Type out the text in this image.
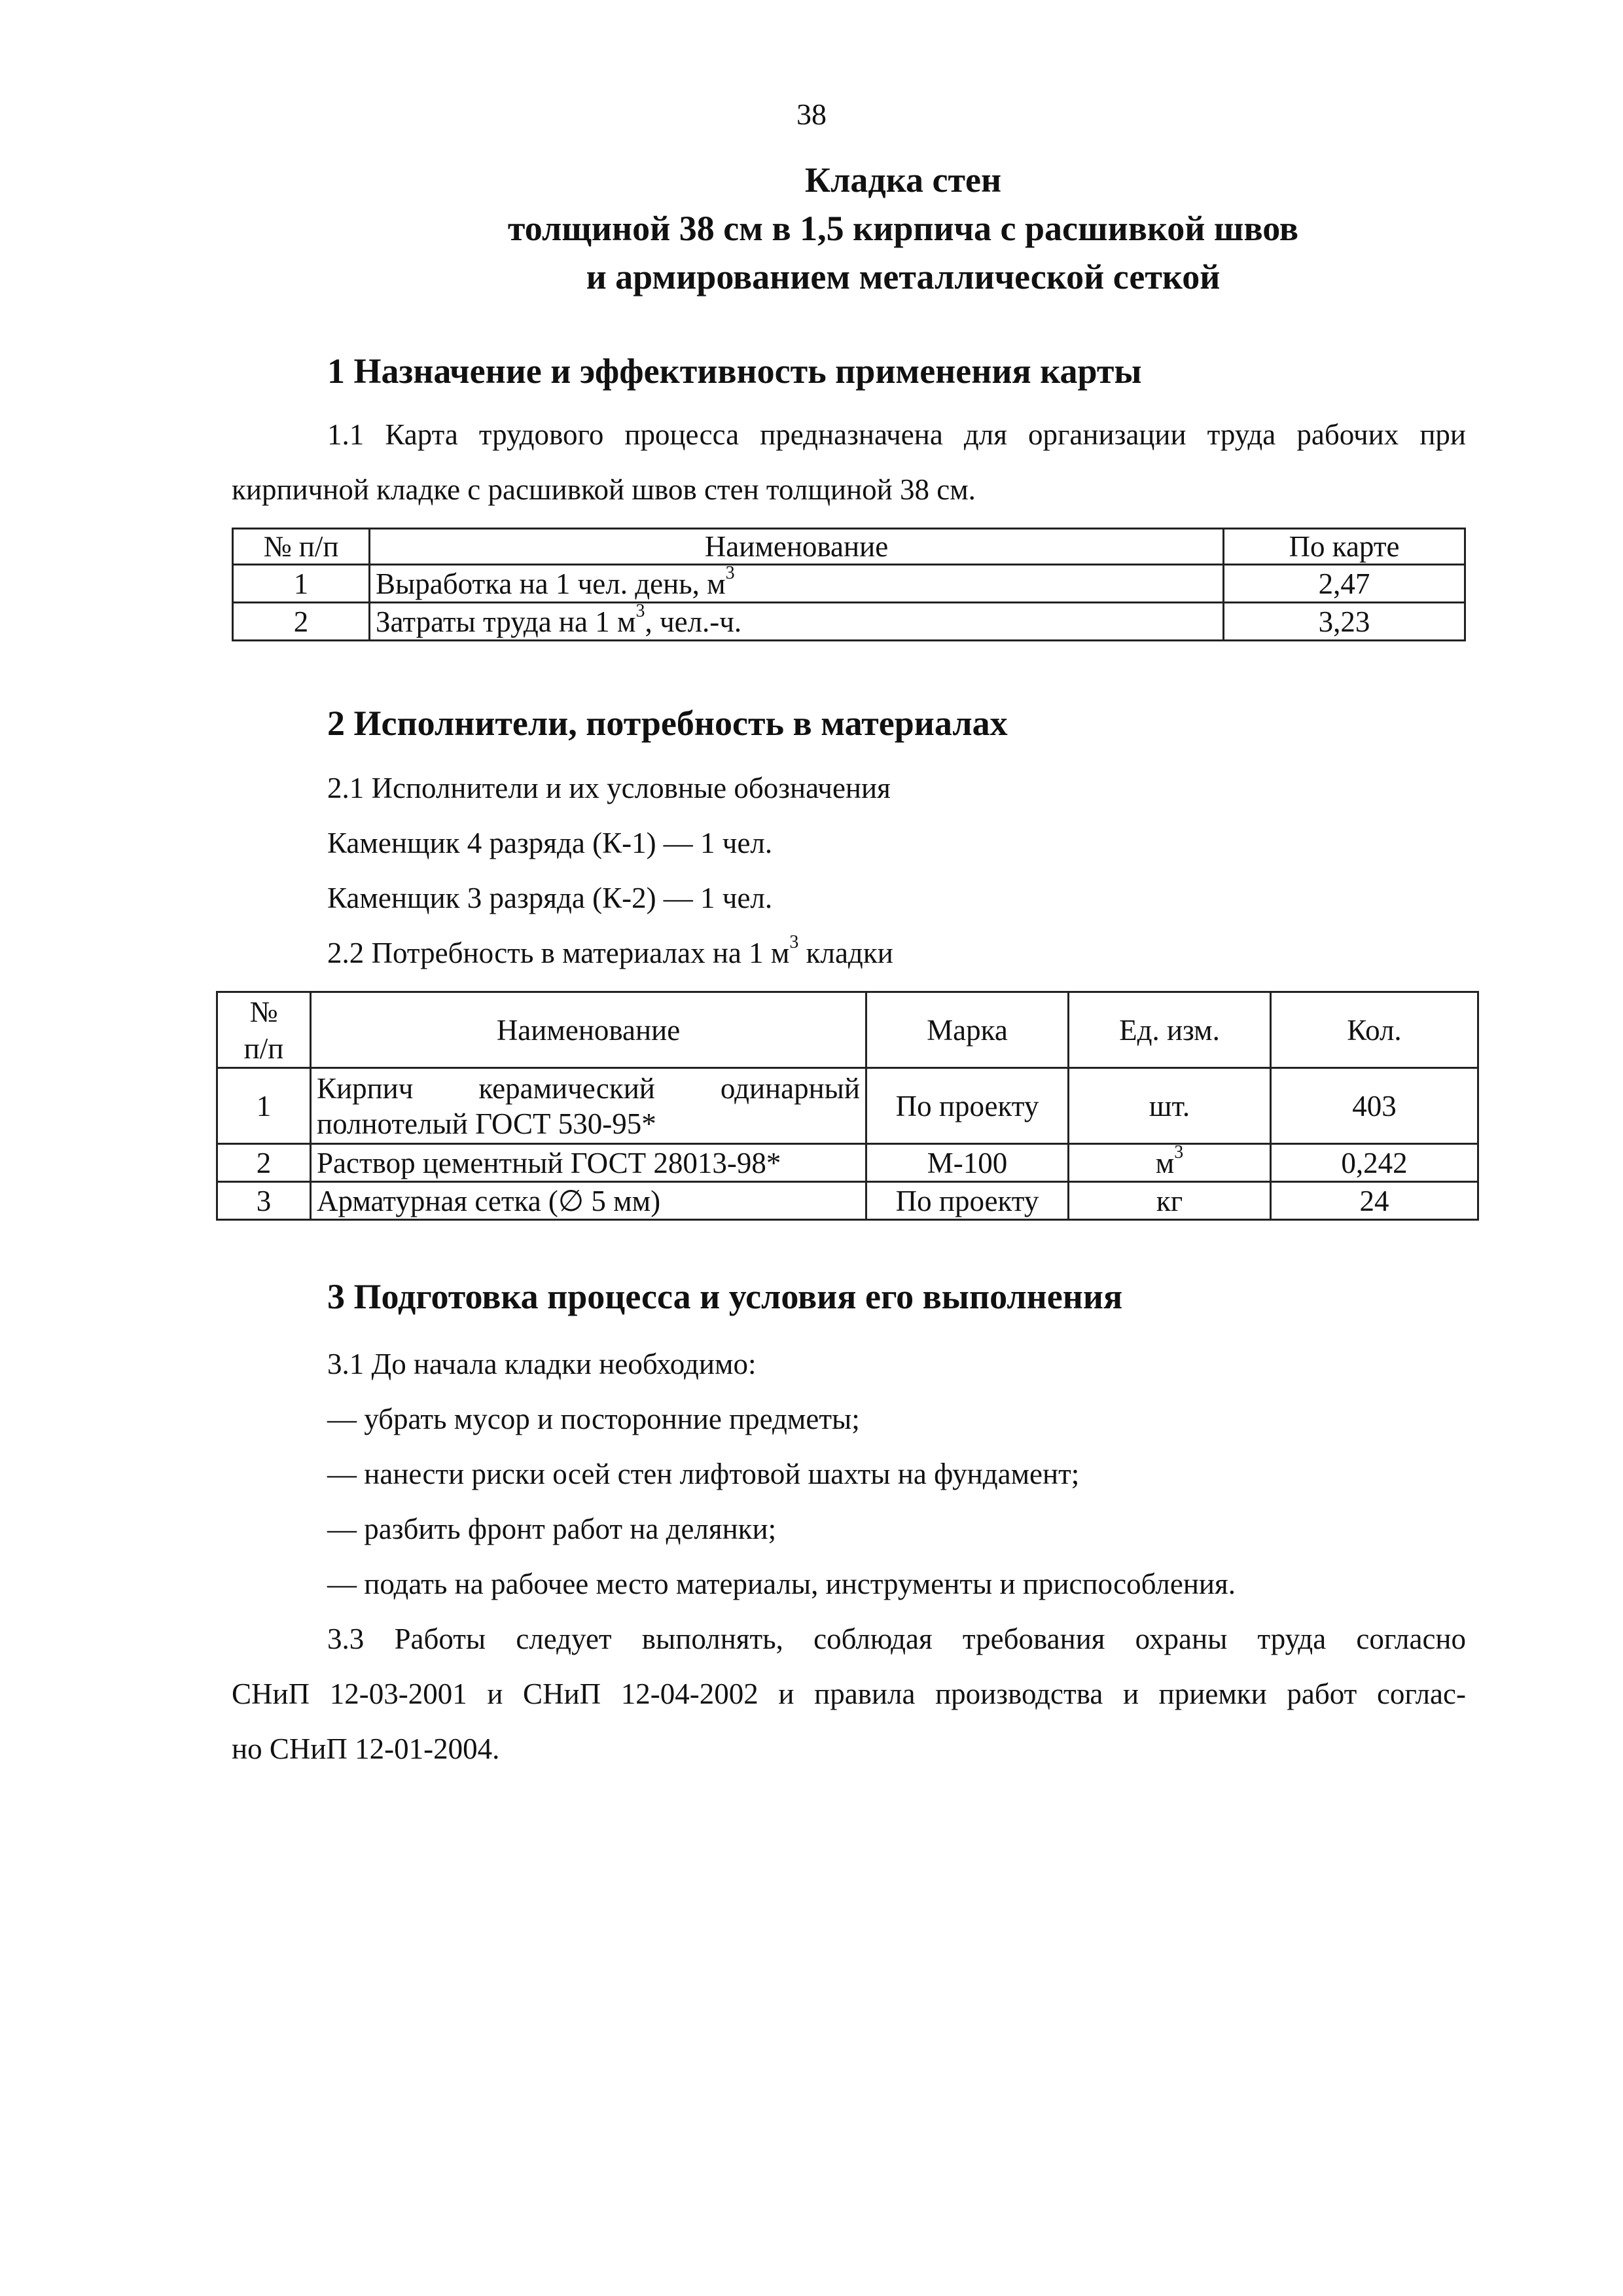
38
Кладка стен
толщиной 38 см в 1,5 кирпича с расшивкой швов
и армированием металлической сеткой
1 Назначение и эффективность применения карты
1.1 Карта трудового процесса предназначена для организации труда рабочих при
кирпичной кладке с расшивкой швов стен толщиной 38 см.
№ п/п	Наименование	По карте
1	Выработка на 1 чел. день, $м^3$	2,47
2	Затраты труда на 1 $м^3$, чел.-ч.	3,23
2 Исполнители, потребность в материалах
2.1 Исполнители и их условные обозначения
Каменщик 4 разряда (К-1) — 1 чел.
Каменщик 3 разряда (К-2) — 1 чел.
2.2 Потребность в материалах на 1 $м^3$ кладки
№
п/п	Наименование	Марка	Ед. изм.	Кол.
1	Кирпич керамический одинарный
полнотелый ГОСТ 530-95*	По проекту	шт.	403
2	Раствор цементный ГОСТ 28013-98*	М-100	$м^3$	0,242
3	Арматурная сетка (∅ 5 мм)	По проекту	кг	24
3 Подготовка процесса и условия его выполнения
3.1 До начала кладки необходимо:
— убрать мусор и посторонние предметы;
— нанести риски осей стен лифтовой шахты на фундамент;
— разбить фронт работ на делянки;
— подать на рабочее место материалы, инструменты и приспособления.
3.3 Работы следует выполнять, соблюдая требования охраны труда согласно
СНиП 12-03-2001 и СНиП 12-04-2002 и правила производства и приемки работ соглас-
но СНиП 12-01-2004.
